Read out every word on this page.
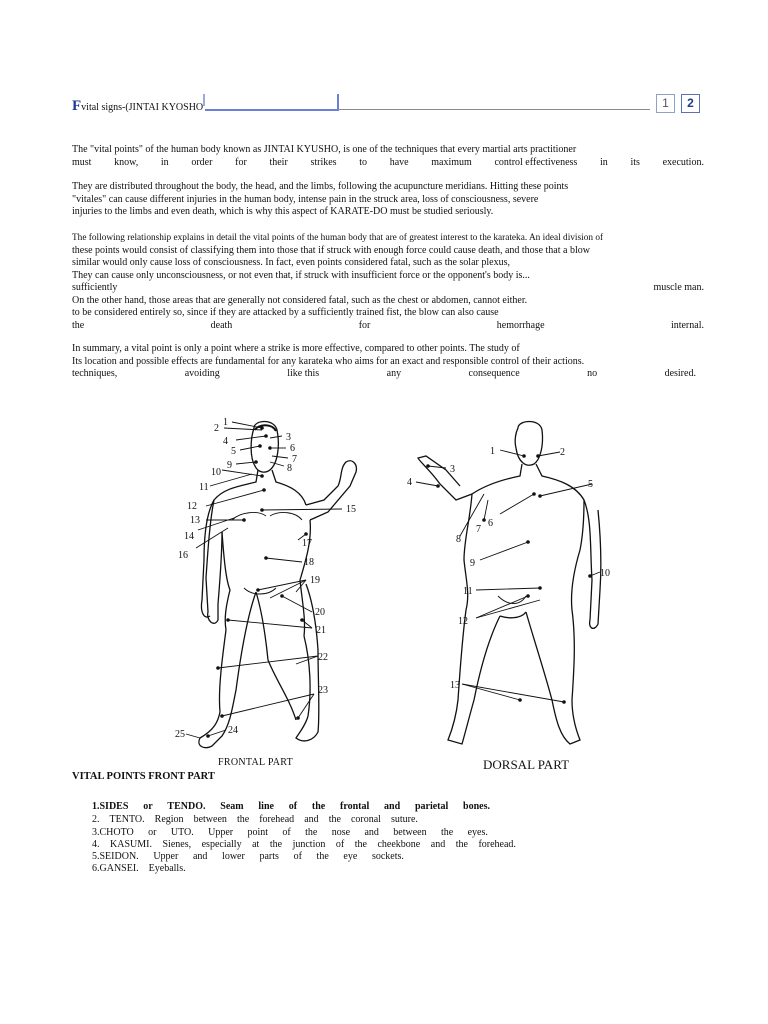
Fvital signs-(JINTAI KYOSHO	1	2
The "vital points" of the human body known as JINTAI KYUSHO, is one of the techniques that every martial arts practitioner
must know, in order for their strikes to have maximum control effectiveness in its execution.
They are distributed throughout the body, the head, and the limbs, following the acupuncture meridians. Hitting these points
"vitales" can cause different injuries in the human body, intense pain in the struck area, loss of consciousness, severe
injuries to the limbs and even death, which is why this aspect of KARATE-DO must be studied seriously.
The following relationship explains in detail the vital points of the human body that are of greatest interest to the karateka. An ideal division of
these points would consist of classifying them into those that if struck with enough force could cause death, and those that a blow
similar would only cause loss of consciousness. In fact, even points considered fatal, such as the solar plexus,
They can cause only unconsciousness, or not even that, if struck with insufficient force or the opponent's body is...
sufficiently	muscle man.
On the other hand, those areas that are generally not considered fatal, such as the chest or abdomen, cannot either.
to be considered entirely so, since if they are attacked by a sufficiently trained fist, the blow can also cause
the	death	for	hemorrhage	internal.
In summary, a vital point is only a point where a strike is more effective, compared to other points. The study of
Its location and possible effects are fundamental for any karateka who aims for an exact and responsible control of their actions.
techniques,	avoiding	like this	any	consequence	no	desired.
1
2
3
4
5	6
7
8
9
10
11
12
13
14
15
16
17
18
19
20
21
22
23
24
25
1	2
3
4	5
6
7
8
9
10
11
12
13
FRONTAL PART	DORSAL PART
VITAL POINTS FRONT PART
1.SIDES or TENDO. Seam line of the frontal and parietal bones.
2. TENTO. Region between the forehead and the coronal suture.
3.CHOTO or UTO. Upper point of the nose and between the eyes.
4. KASUMI. Sienes, especially at the junction of the cheekbone and the forehead.
5.SEIDON. Upper and lower parts of the eye sockets.
6.GANSEI. Eyeballs.
